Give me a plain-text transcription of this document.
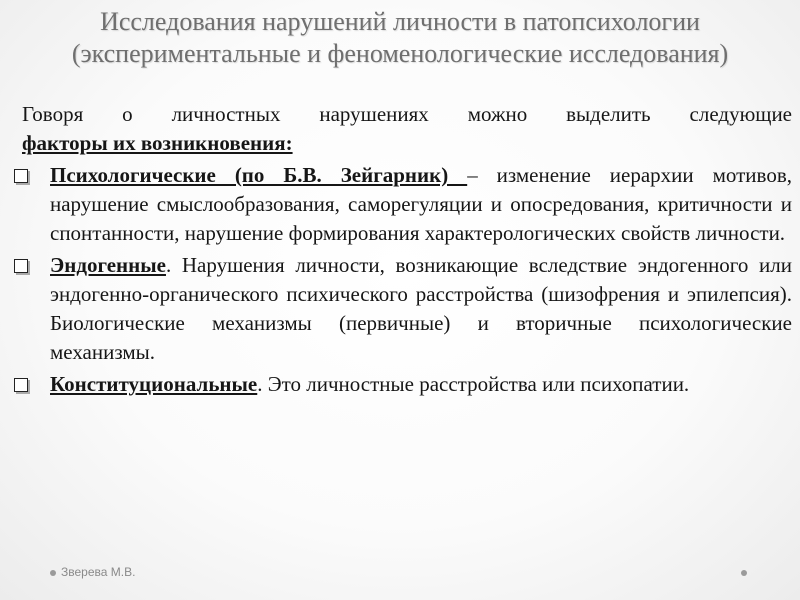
Исследования нарушений личности в патопсихологии
(экспериментальные и феноменологические исследования)
Говоря о личностных нарушениях можно выделить следующие
факторы их возникновения:
Психологические (по Б.В. Зейгарник) – изменение иерархии мотивов, нарушение смыслообразования, саморегуляции и опосредования, критичности и спонтанности, нарушение формирования характерологических свойств личности.
Эндогенные. Нарушения личности, возникающие вследствие эндогенного или эндогенно-органического психического расстройства (шизофрения и эпилепсия). Биологические механизмы (первичные) и вторичные психологические механизмы.
Конституциональные. Это личностные расстройства или психопатии.
Зверева М.В.
